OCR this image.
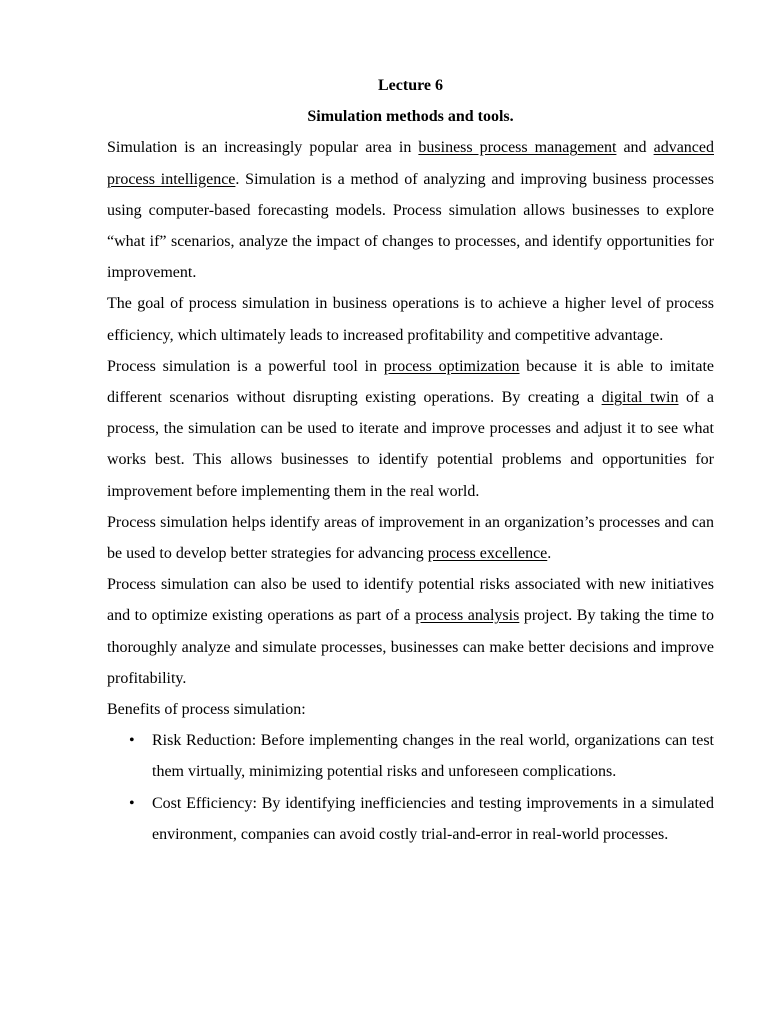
Lecture 6
Simulation methods and tools.

Simulation is an increasingly popular area in business process management and advanced process intelligence. Simulation is a method of analyzing and improving business processes using computer-based forecasting models. Process simulation allows businesses to explore “what if” scenarios, analyze the impact of changes to processes, and identify opportunities for improvement.

The goal of process simulation in business operations is to achieve a higher level of process efficiency, which ultimately leads to increased profitability and competitive advantage.

Process simulation is a powerful tool in process optimization because it is able to imitate different scenarios without disrupting existing operations. By creating a digital twin of a process, the simulation can be used to iterate and improve processes and adjust it to see what works best. This allows businesses to identify potential problems and opportunities for improvement before implementing them in the real world.

Process simulation helps identify areas of improvement in an organization’s processes and can be used to develop better strategies for advancing process excellence.

Process simulation can also be used to identify potential risks associated with new initiatives and to optimize existing operations as part of a process analysis project. By taking the time to thoroughly analyze and simulate processes, businesses can make better decisions and improve profitability.

Benefits of process simulation:

• Risk Reduction: Before implementing changes in the real world, organizations can test them virtually, minimizing potential risks and unforeseen complications.
• Cost Efficiency: By identifying inefficiencies and testing improvements in a simulated environment, companies can avoid costly trial-and-error in real-world processes.
